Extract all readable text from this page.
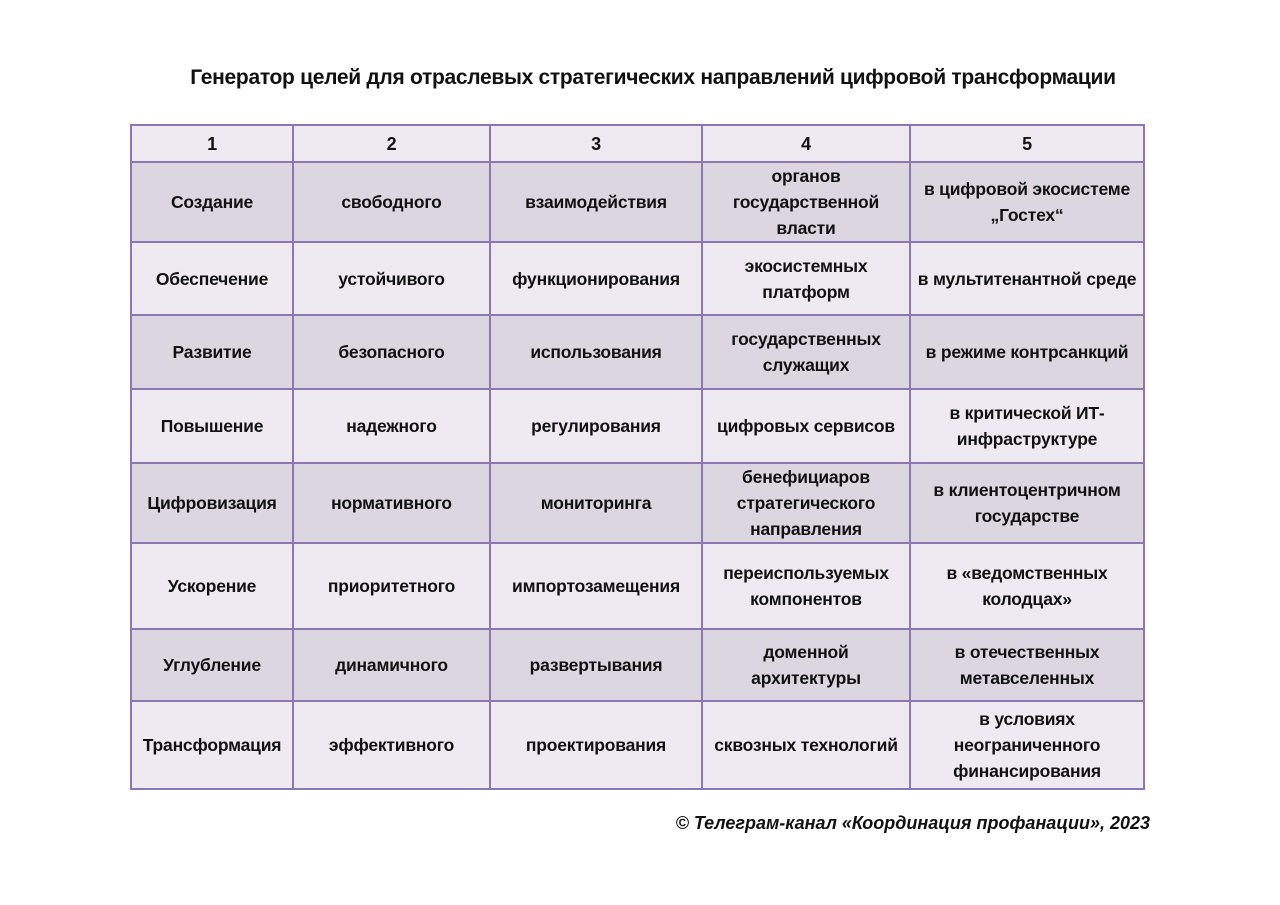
Генератор целей для отраслевых стратегических направлений цифровой трансформации
1	2	3	4	5
Создание	свободного	взаимодействия	органов государственной власти	в цифровой экосистеме „Гостех“
Обеспечение	устойчивого	функционирования	экосистемных платформ	в мультитенантной среде
Развитие	безопасного	использования	государственных служащих	в режиме контрсанкций
Повышение	надежного	регулирования	цифровых сервисов	в критической ИТ-инфраструктуре
Цифровизация	нормативного	мониторинга	бенефициаров стратегического направления	в клиентоцентричном государстве
Ускорение	приоритетного	импортозамещения	переиспользуемых компонентов	в «ведомственных колодцах»
Углубление	динамичного	развертывания	доменной архитектуры	в отечественных метавселенных
Трансформация	эффективного	проектирования	сквозных технологий	в условиях неограниченного финансирования
© Телеграм-канал «Координация профанации», 2023
